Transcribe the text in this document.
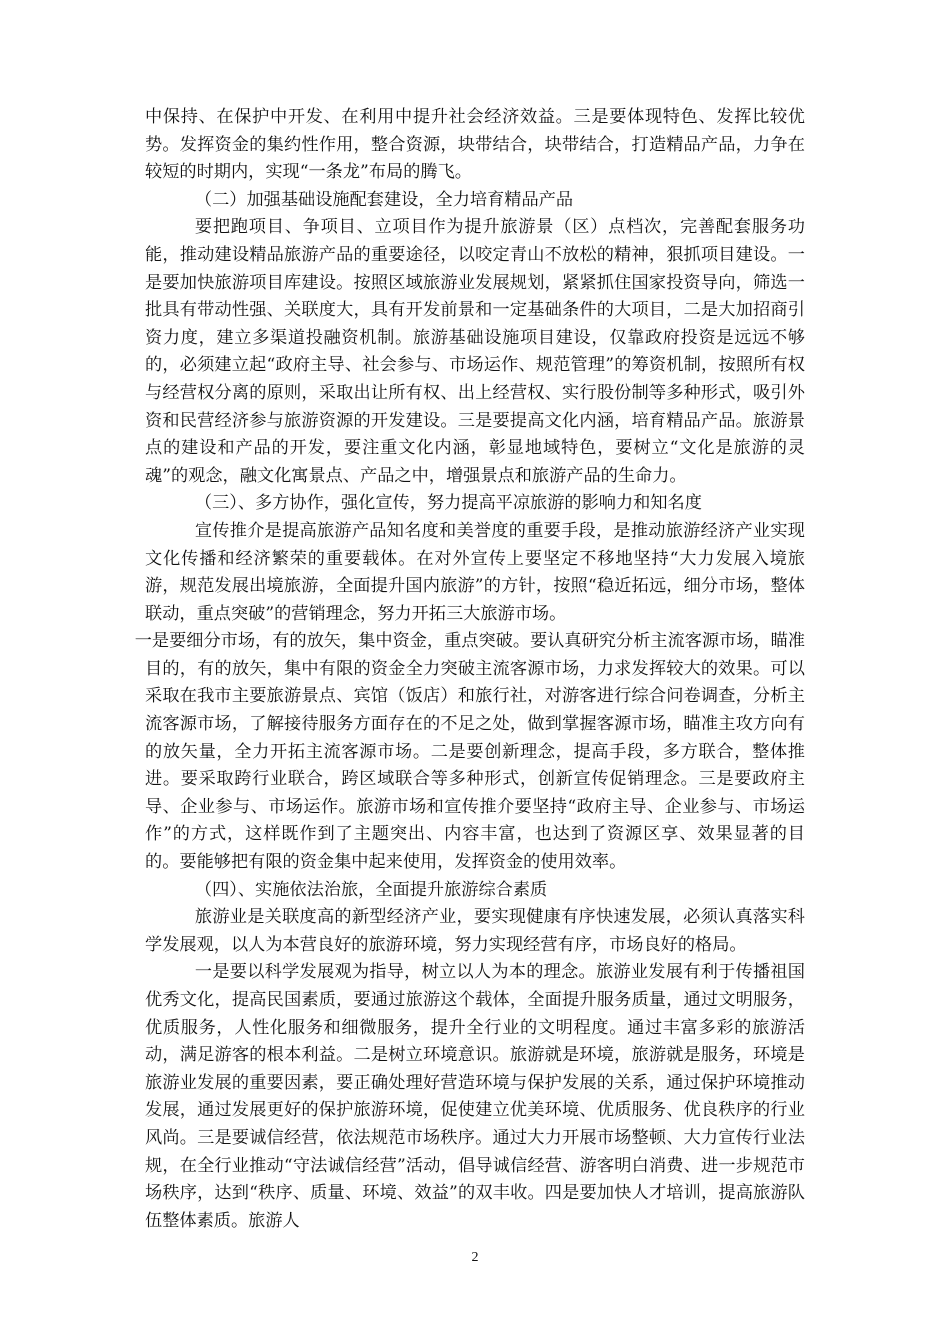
中保持、在保护中开发、在利用中提升社会经济效益。三是要体现特色、发挥比较优势。发挥资金的集约性作用，整合资源，块带结合，块带结合，打造精品产品，力争在较短的时期内，实现“一条龙”布局的腾飞。

（二）加强基础设施配套建设，全力培育精品产品

要把跑项目、争项目、立项目作为提升旅游景（区）点档次，完善配套服务功能，推动建设精品旅游产品的重要途径，以咬定青山不放松的精神，狠抓项目建设。一是要加快旅游项目库建设。按照区域旅游业发展规划，紧紧抓住国家投资导向，筛选一批具有带动性强、关联度大，具有开发前景和一定基础条件的大项目，二是大加招商引资力度，建立多渠道投融资机制。旅游基础设施项目建设，仅靠政府投资是远远不够的，必须建立起“政府主导、社会参与、市场运作、规范管理”的筹资机制，按照所有权与经营权分离的原则，采取出让所有权、出上经营权、实行股份制等多种形式，吸引外资和民营经济参与旅游资源的开发建设。三是要提高文化内涵，培育精品产品。旅游景点的建设和产品的开发，要注重文化内涵，彰显地域特色，要树立“文化是旅游的灵魂”的观念，融文化寓景点、产品之中，增强景点和旅游产品的生命力。

（三）、多方协作，强化宣传，努力提高平凉旅游的影响力和知名度

宣传推介是提高旅游产品知名度和美誉度的重要手段，是推动旅游经济产业实现文化传播和经济繁荣的重要载体。在对外宣传上要坚定不移地坚持“大力发展入境旅游，规范发展出境旅游，全面提升国内旅游”的方针，按照“稳近拓远，细分市场，整体联动，重点突破”的营销理念，努力开拓三大旅游市场。

一是要细分市场，有的放矢，集中资金，重点突破。要认真研究分析主流客源市场，瞄准目的，有的放矢，集中有限的资金全力突破主流客源市场，力求发挥较大的效果。可以采取在我市主要旅游景点、宾馆（饭店）和旅行社，对游客进行综合问卷调查，分析主流客源市场，了解接待服务方面存在的不足之处，做到掌握客源市场，瞄准主攻方向有的放矢量，全力开拓主流客源市场。二是要创新理念，提高手段，多方联合，整体推进。要采取跨行业联合，跨区域联合等多种形式，创新宣传促销理念。三是要政府主导、企业参与、市场运作。旅游市场和宣传推介要坚持“政府主导、企业参与、市场运作”的方式，这样既作到了主题突出、内容丰富，也达到了资源区享、效果显著的目的。要能够把有限的资金集中起来使用，发挥资金的使用效率。

（四）、实施依法治旅，全面提升旅游综合素质

旅游业是关联度高的新型经济产业，要实现健康有序快速发展，必须认真落实科学发展观，以人为本营良好的旅游环境，努力实现经营有序，市场良好的格局。

一是要以科学发展观为指导，树立以人为本的理念。旅游业发展有利于传播祖国优秀文化，提高民国素质，要通过旅游这个载体，全面提升服务质量，通过文明服务，优质服务，人性化服务和细微服务，提升全行业的文明程度。通过丰富多彩的旅游活动，满足游客的根本利益。二是树立环境意识。旅游就是环境，旅游就是服务，环境是旅游业发展的重要因素，要正确处理好营造环境与保护发展的关系，通过保护环境推动发展，通过发展更好的保护旅游环境，促使建立优美环境、优质服务、优良秩序的行业风尚。三是要诚信经营，依法规范市场秩序。通过大力开展市场整顿、大力宣传行业法规，在全行业推动“守法诚信经营”活动，倡导诚信经营、游客明白消费、进一步规范市场秩序，达到“秩序、质量、环境、效益”的双丰收。四是要加快人才培训，提高旅游队伍整体素质。旅游人

2
